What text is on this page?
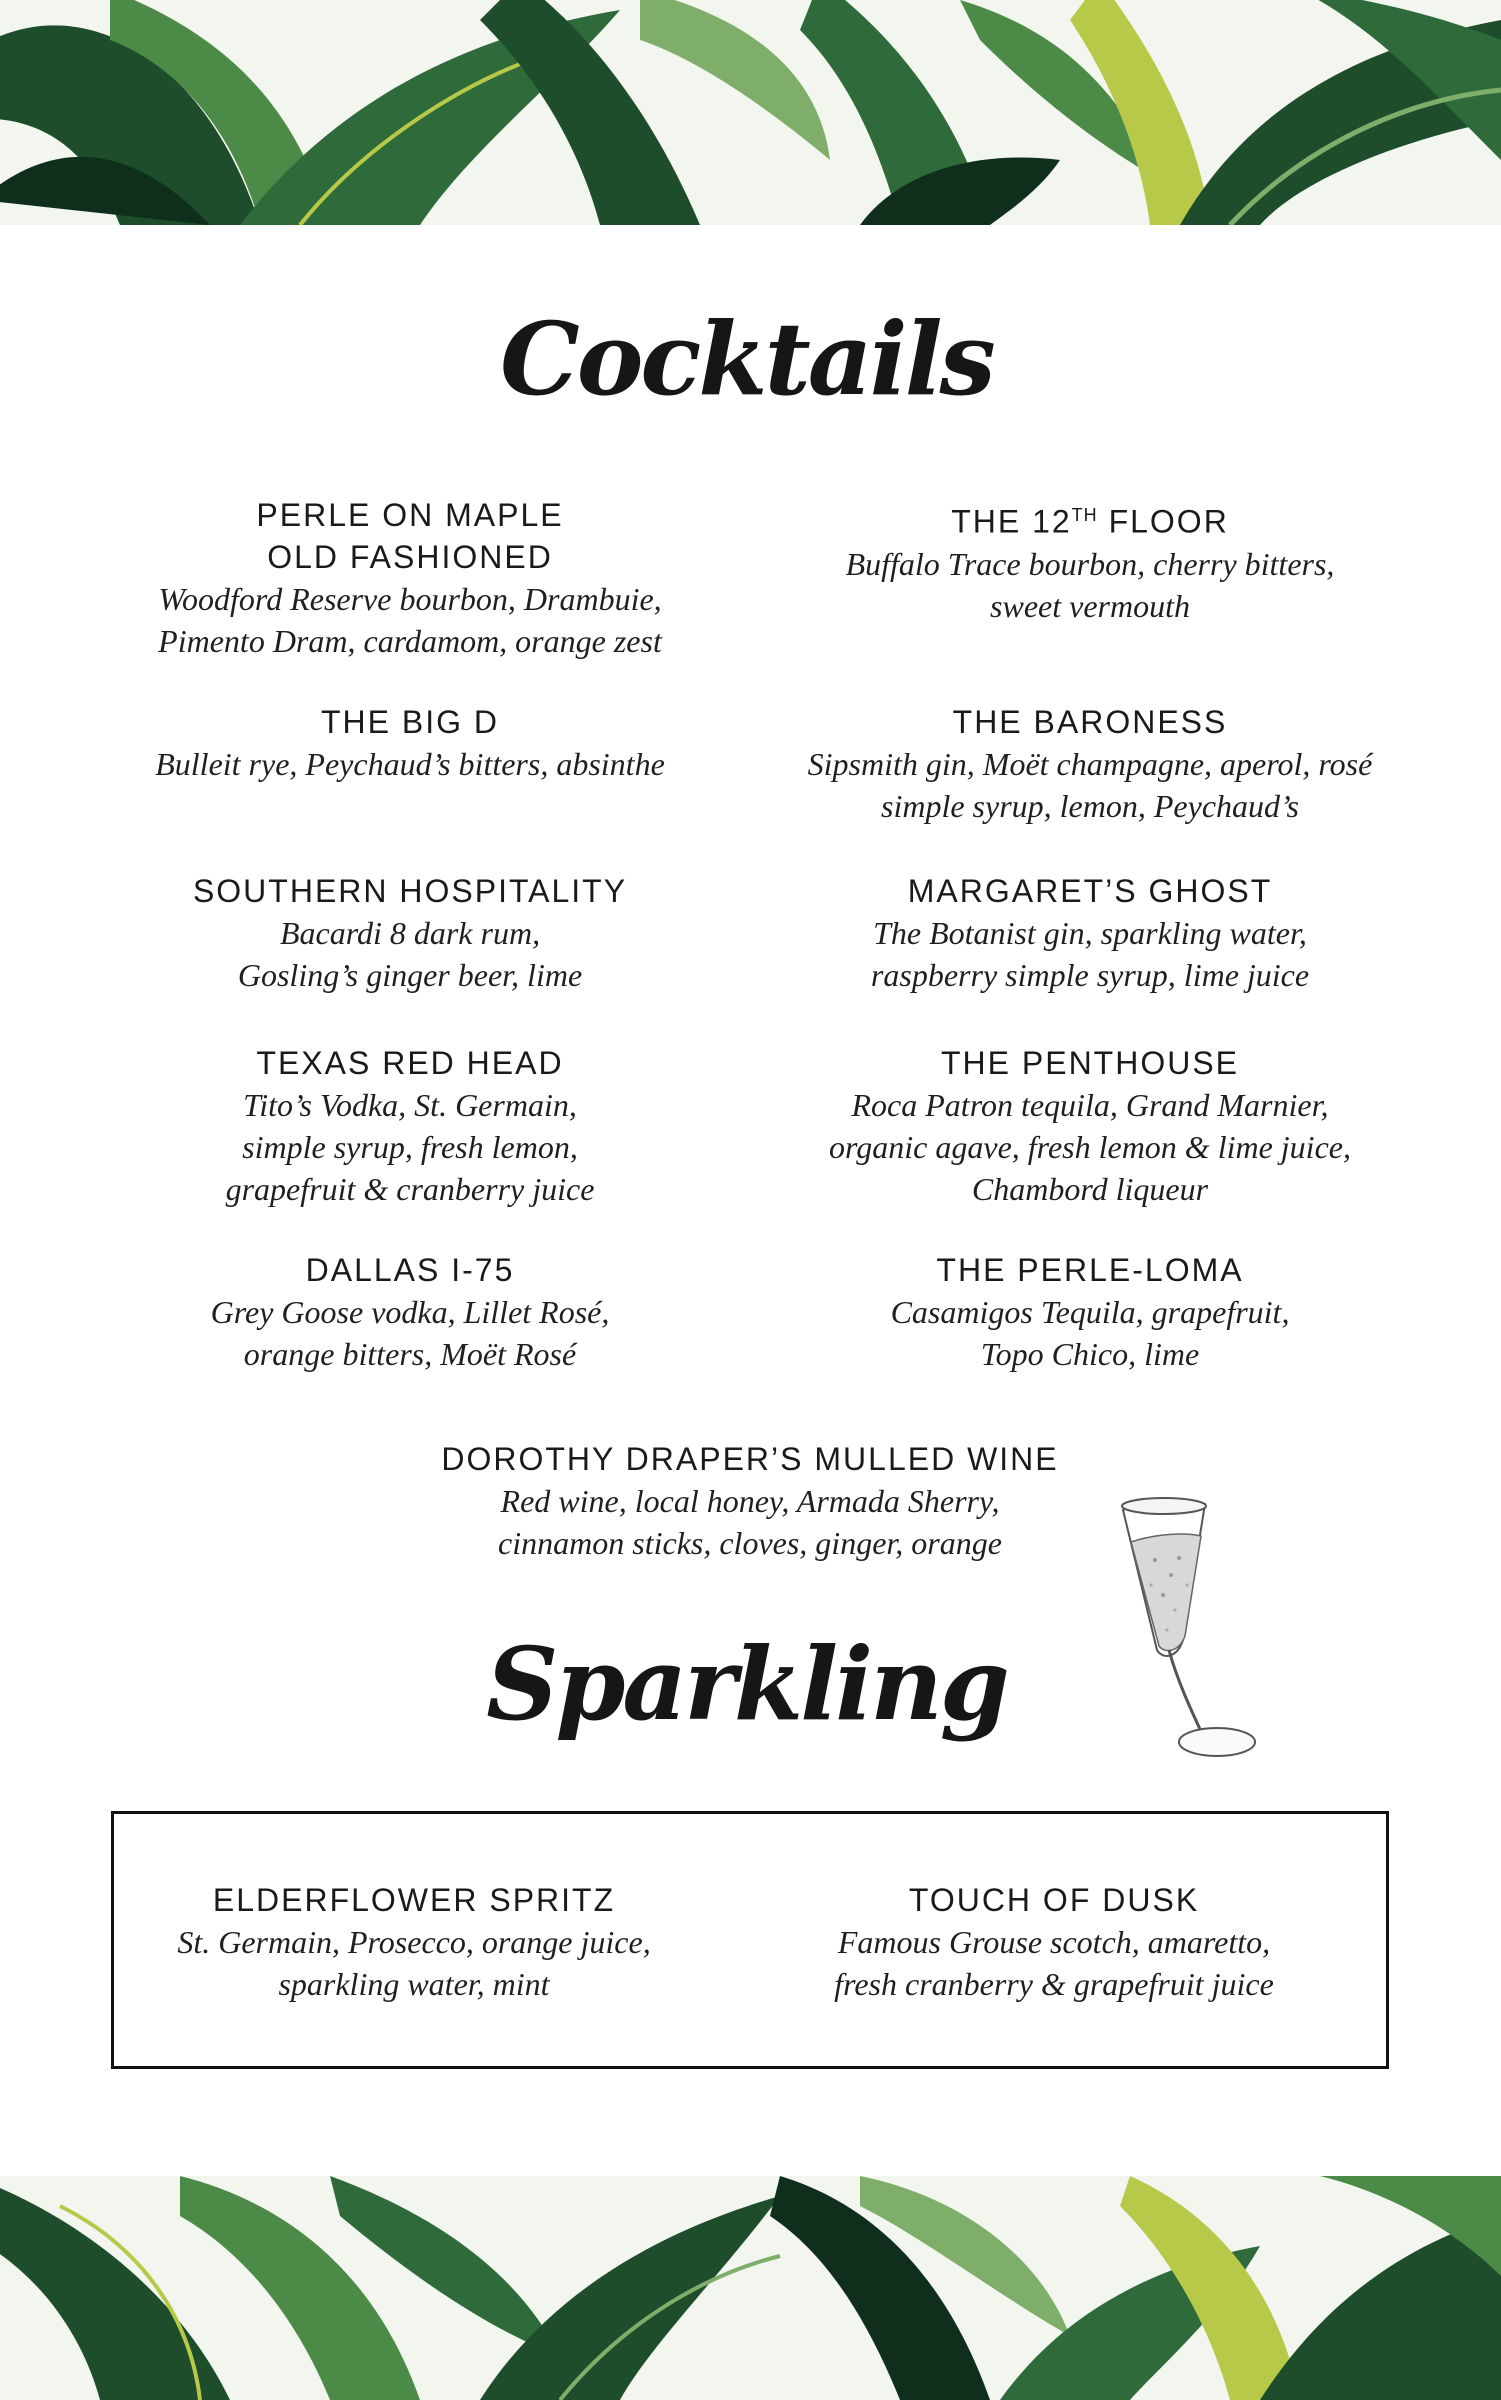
Cocktails
PERLE ON MAPLE
OLD FASHIONED
Woodford Reserve bourbon, Drambuie,
Pimento Dram, cardamom, orange zest
THE 12TH FLOOR
Buffalo Trace bourbon, cherry bitters,
sweet vermouth
THE BIG D
Bulleit rye, Peychaud’s bitters, absinthe
THE BARONESS
Sipsmith gin, Moët champagne, aperol, rosé
simple syrup, lemon, Peychaud’s
SOUTHERN HOSPITALITY
Bacardi 8 dark rum,
Gosling’s ginger beer, lime
MARGARET’S GHOST
The Botanist gin, sparkling water,
raspberry simple syrup, lime juice
TEXAS RED HEAD
Tito’s Vodka, St. Germain,
simple syrup, fresh lemon,
grapefruit & cranberry juice
THE PENTHOUSE
Roca Patron tequila, Grand Marnier,
organic agave, fresh lemon & lime juice,
Chambord liqueur
DALLAS I-75
Grey Goose vodka, Lillet Rosé,
orange bitters, Moët Rosé
THE PERLE-LOMA
Casamigos Tequila, grapefruit,
Topo Chico, lime
DOROTHY DRAPER’S MULLED WINE
Red wine, local honey, Armada Sherry,
cinnamon sticks, cloves, ginger, orange
Sparkling
ELDERFLOWER SPRITZ
St. Germain, Prosecco, orange juice,
sparkling water, mint
TOUCH OF DUSK
Famous Grouse scotch, amaretto,
fresh cranberry & grapefruit juice
